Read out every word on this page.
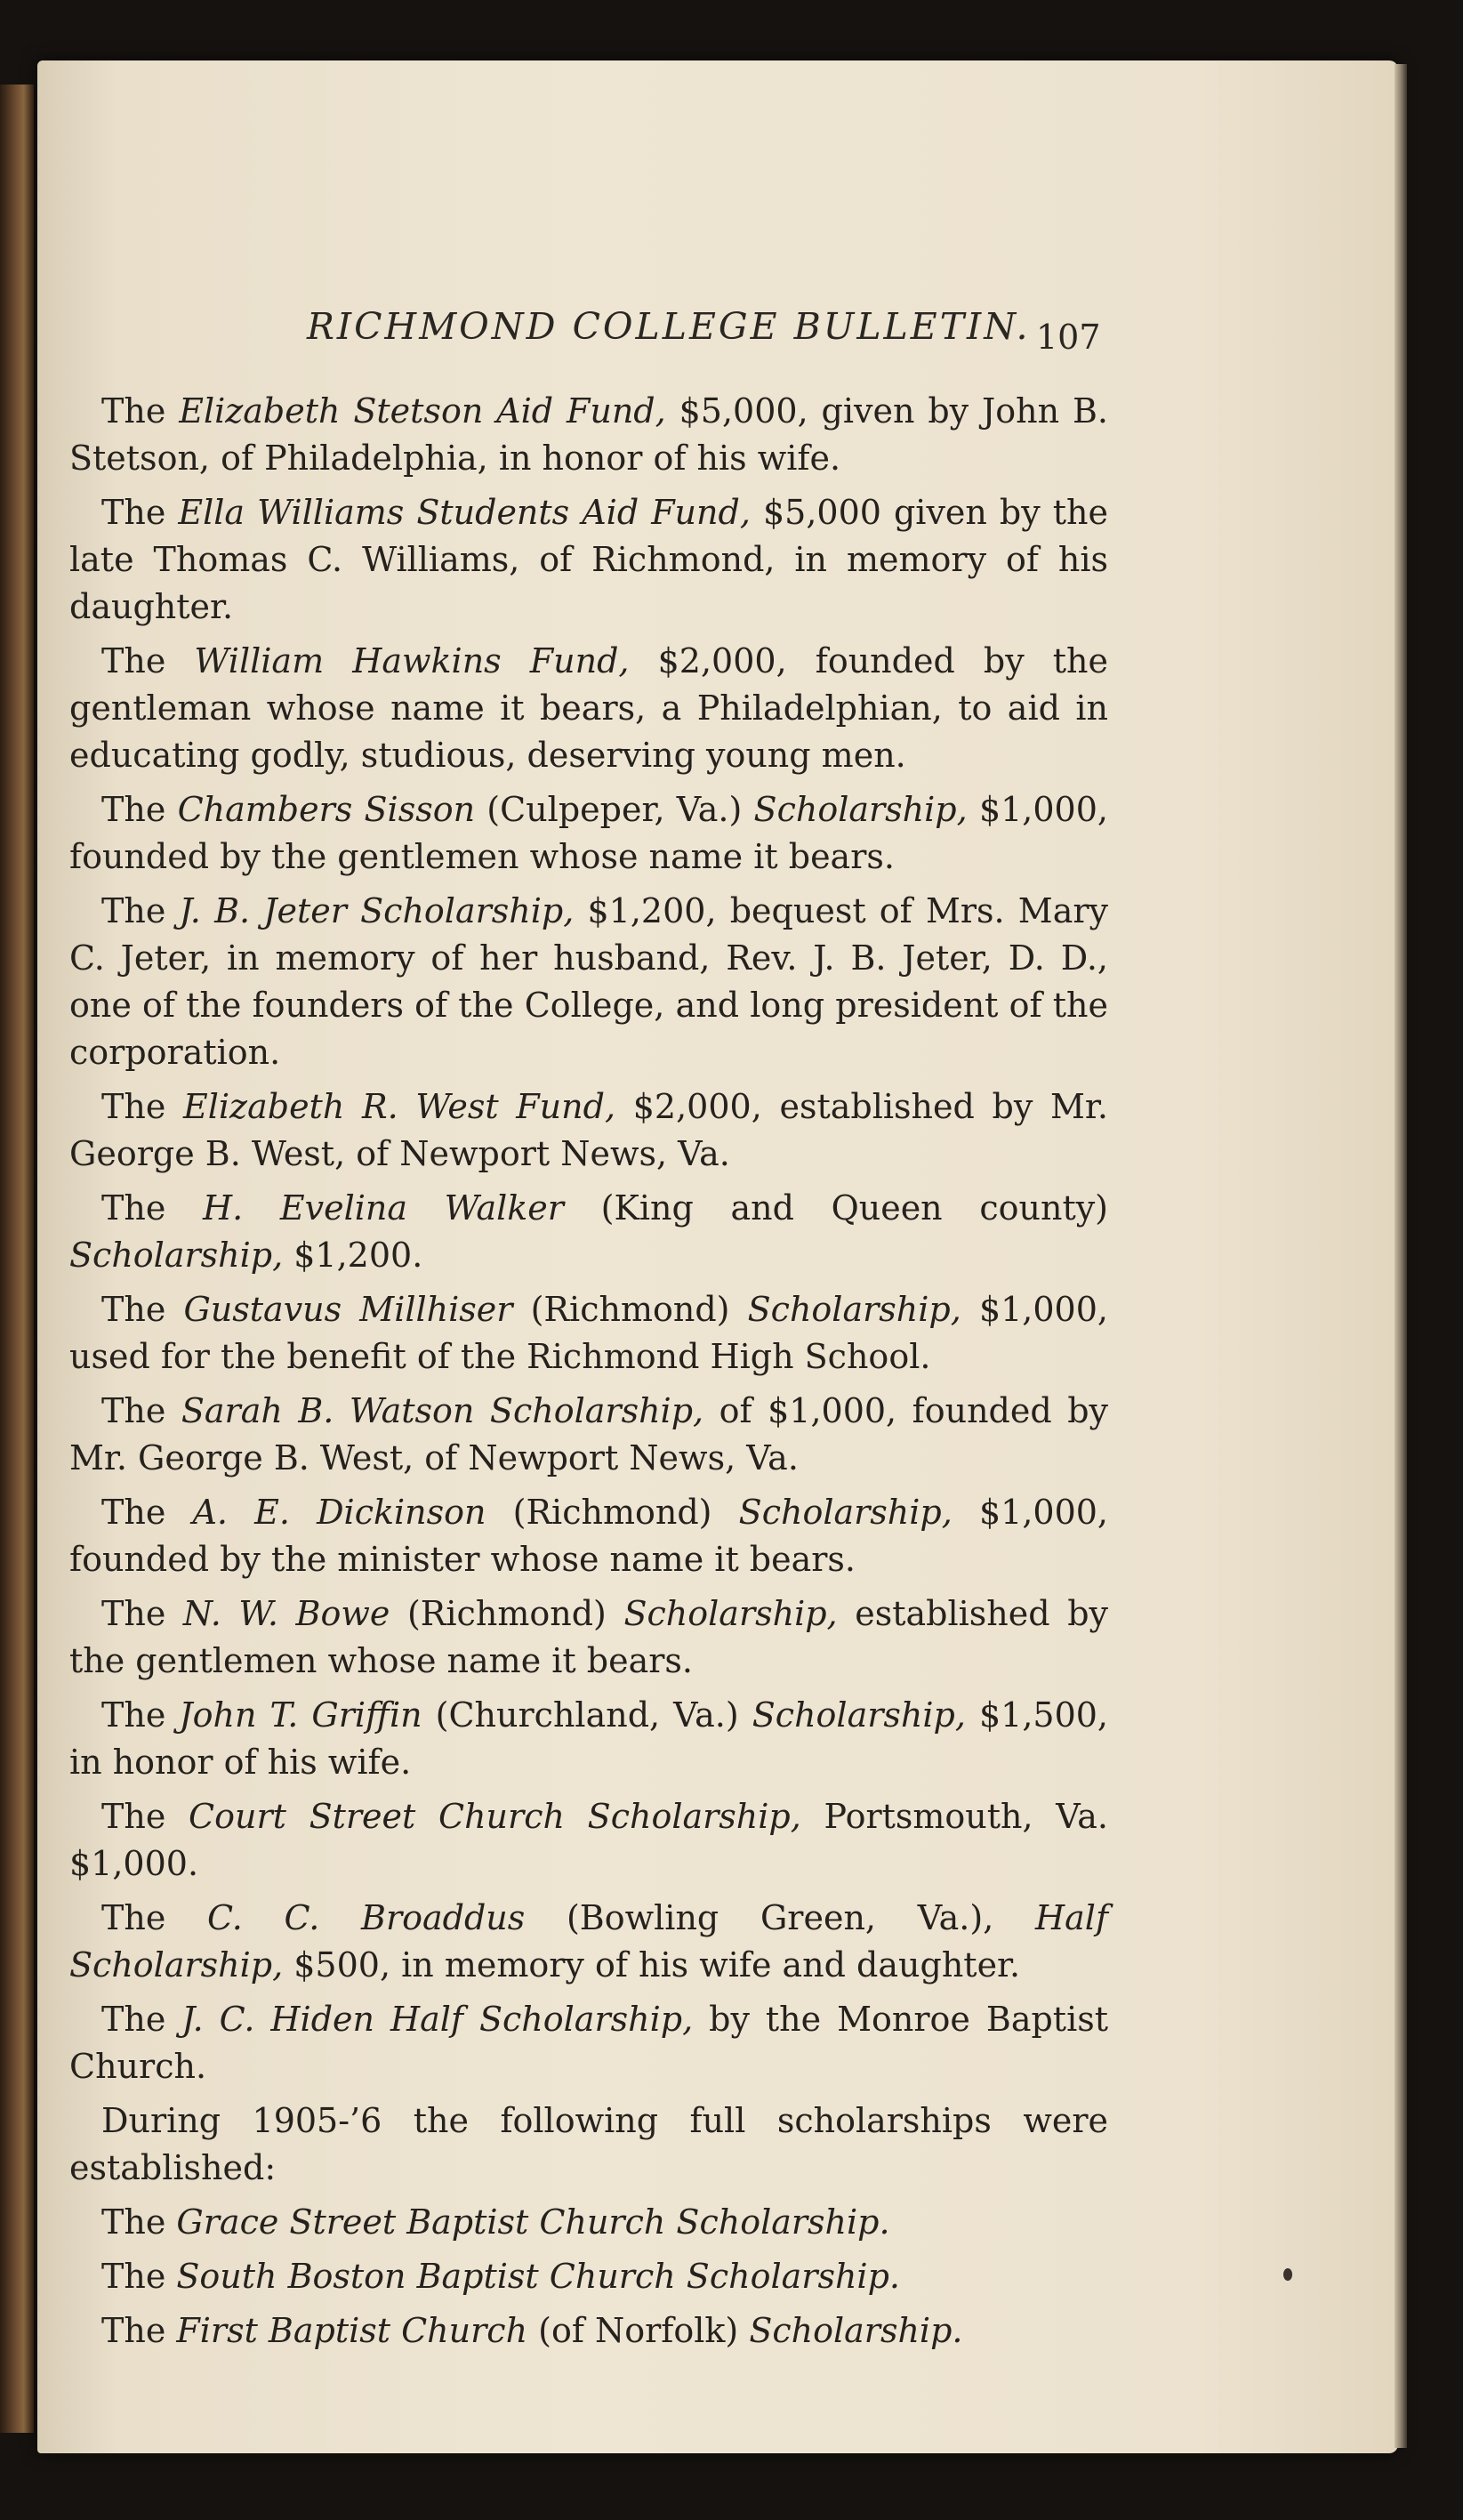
RICHMOND COLLEGE BULLETIN. 107

The Elizabeth Stetson Aid Fund, $5,000, given by John B. Stetson, of Philadelphia, in honor of his wife.

The Ella Williams Students Aid Fund, $5,000 given by the late Thomas C. Williams, of Richmond, in memory of his daughter.

The William Hawkins Fund, $2,000, founded by the gentleman whose name it bears, a Philadelphian, to aid in educating godly, studious, deserving young men.

The Chambers Sisson (Culpeper, Va.) Scholarship, $1,000, founded by the gentlemen whose name it bears.

The J. B. Jeter Scholarship, $1,200, bequest of Mrs. Mary C. Jeter, in memory of her husband, Rev. J. B. Jeter, D. D., one of the founders of the College, and long president of the corporation.

The Elizabeth R. West Fund, $2,000, established by Mr. George B. West, of Newport News, Va.

The H. Evelina Walker (King and Queen county) Scholarship, $1,200.

The Gustavus Millhiser (Richmond) Scholarship, $1,000, used for the benefit of the Richmond High School.

The Sarah B. Watson Scholarship, of $1,000, founded by Mr. George B. West, of Newport News, Va.

The A. E. Dickinson (Richmond) Scholarship, $1,000, founded by the minister whose name it bears.

The N. W. Bowe (Richmond) Scholarship, established by the gentlemen whose name it bears.

The John T. Griffin (Churchland, Va.) Scholarship, $1,500, in honor of his wife.

The Court Street Church Scholarship, Portsmouth, Va. $1,000.

The C. C. Broaddus (Bowling Green, Va.), Half Scholarship, $500, in memory of his wife and daughter.

The J. C. Hiden Half Scholarship, by the Monroe Baptist Church.

During 1905-’6 the following full scholarships were established:

The Grace Street Baptist Church Scholarship.

The South Boston Baptist Church Scholarship.

The First Baptist Church (of Norfolk) Scholarship.
